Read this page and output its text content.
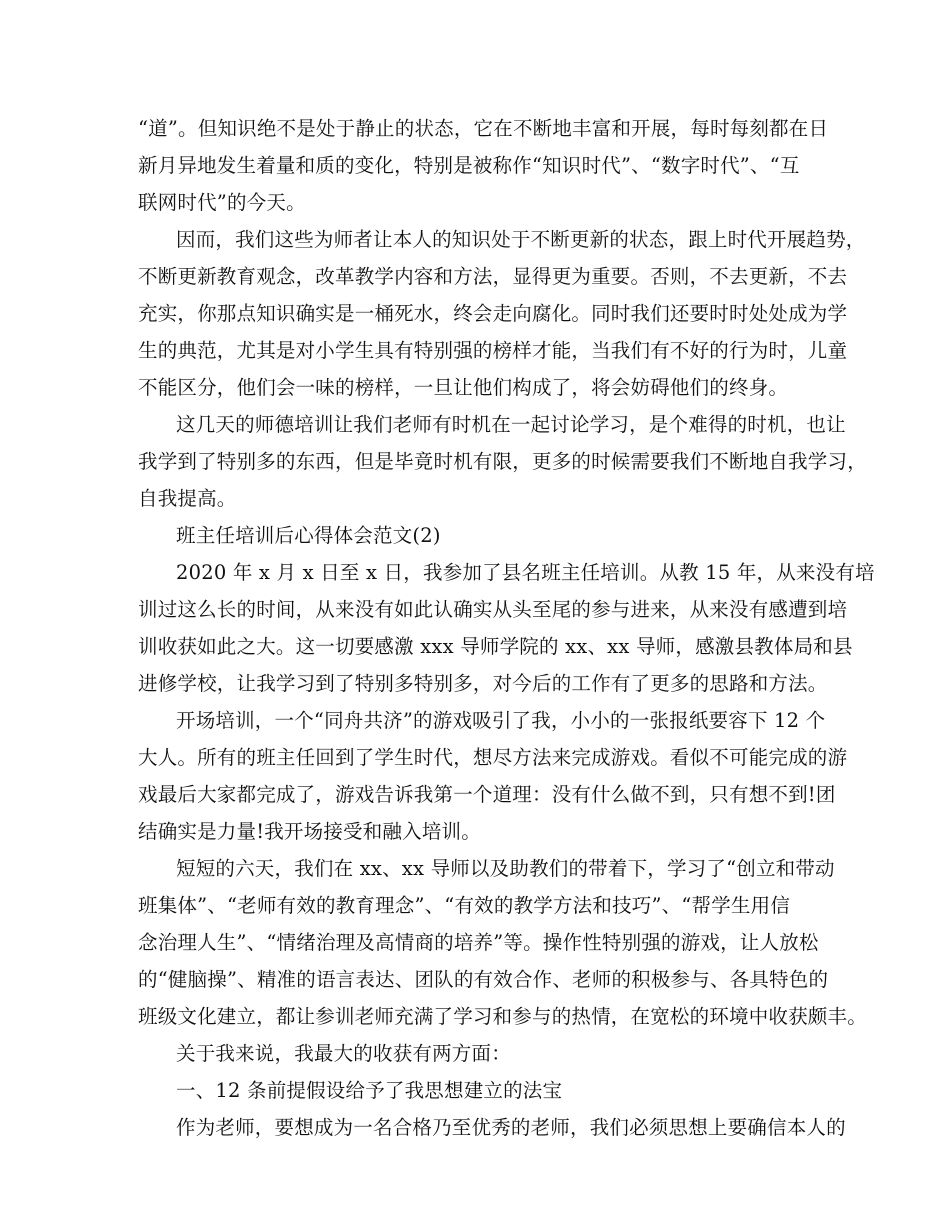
“道”。但知识绝不是处于静止的状态，它在不断地丰富和开展，每时每刻都在日
新月异地发生着量和质的变化，特别是被称作“知识时代”、“数字时代”、“互
联网时代”的今天。
因而，我们这些为师者让本人的知识处于不断更新的状态，跟上时代开展趋势，
不断更新教育观念，改革教学内容和方法，显得更为重要。否则，不去更新，不去
充实，你那点知识确实是一桶死水，终会走向腐化。同时我们还要时时处处成为学
生的典范，尤其是对小学生具有特别强的榜样才能，当我们有不好的行为时，儿童
不能区分，他们会一味的榜样，一旦让他们构成了，将会妨碍他们的终身。
这几天的师德培训让我们老师有时机在一起讨论学习，是个难得的时机，也让
我学到了特别多的东西，但是毕竟时机有限，更多的时候需要我们不断地自我学习，
自我提高。
班主任培训后心得体会范文(2)
2020 年 x 月 x 日至 x 日，我参加了县名班主任培训。从教 15 年，从来没有培
训过这么长的时间，从来没有如此认确实从头至尾的参与进来，从来没有感遭到培
训收获如此之大。这一切要感激 xxx 导师学院的 xx、xx 导师，感激县教体局和县
进修学校，让我学习到了特别多特别多，对今后的工作有了更多的思路和方法。
开场培训，一个“同舟共济”的游戏吸引了我，小小的一张报纸要容下 12 个
大人。所有的班主任回到了学生时代，想尽方法来完成游戏。看似不可能完成的游
戏最后大家都完成了，游戏告诉我第一个道理：没有什么做不到，只有想不到!团
结确实是力量!我开场接受和融入培训。
短短的六天，我们在 xx、xx 导师以及助教们的带着下，学习了“创立和带动
班集体”、“老师有效的教育理念”、“有效的教学方法和技巧”、“帮学生用信
念治理人生”、“情绪治理及高情商的培养”等。操作性特别强的游戏，让人放松
的“健脑操”、精准的语言表达、团队的有效合作、老师的积极参与、各具特色的
班级文化建立，都让参训老师充满了学习和参与的热情，在宽松的环境中收获颇丰。
关于我来说，我最大的收获有两方面：
一、12 条前提假设给予了我思想建立的法宝
作为老师，要想成为一名合格乃至优秀的老师，我们必须思想上要确信本人的
